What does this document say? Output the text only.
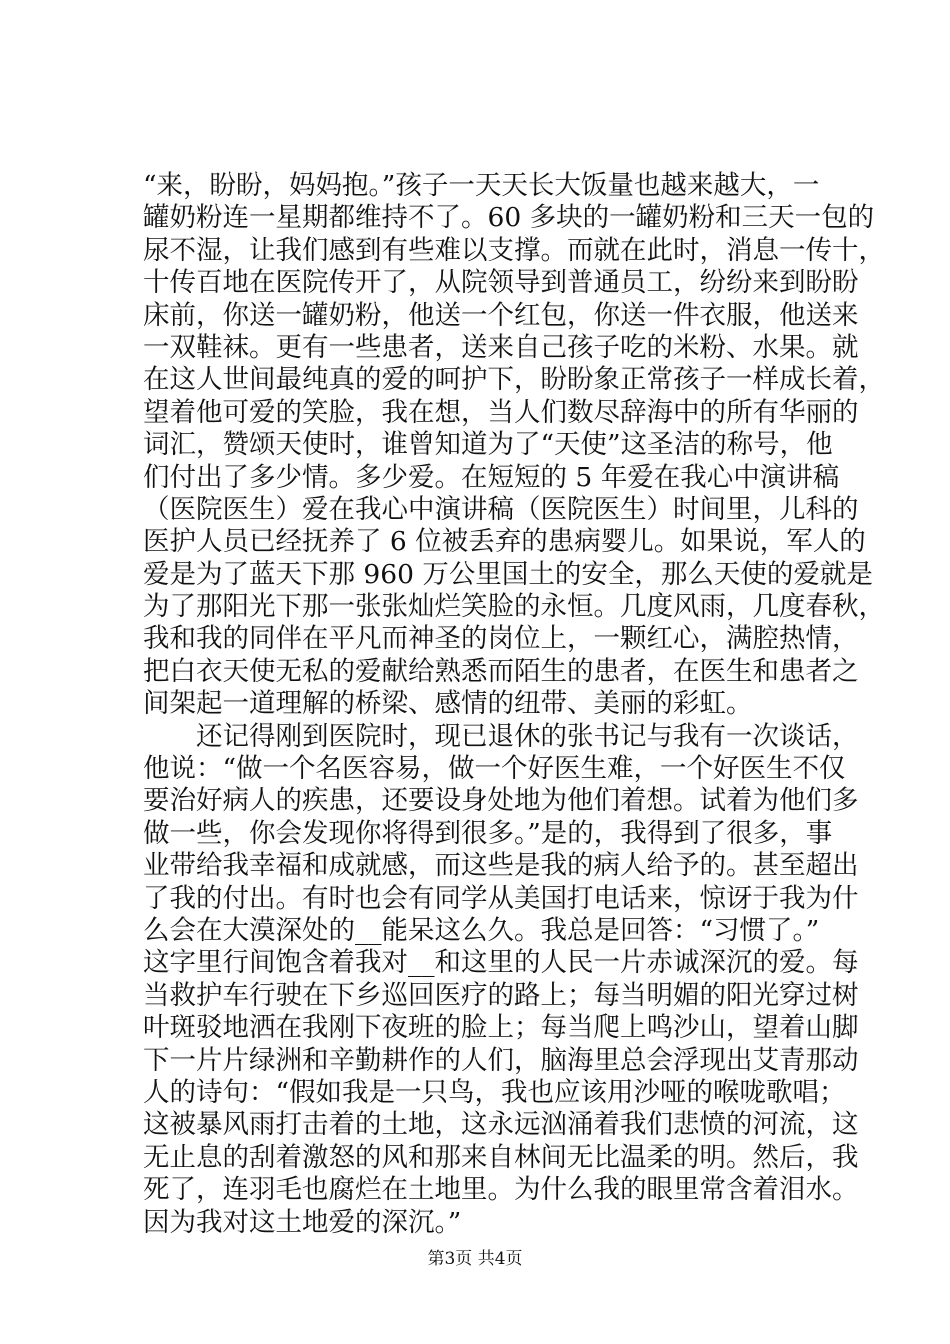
“来，盼盼，妈妈抱。”孩子一天天长大饭量也越来越大，一
罐奶粉连一星期都维持不了。60 多块的一罐奶粉和三天一包的
尿不湿，让我们感到有些难以支撑。而就在此时，消息一传十，
十传百地在医院传开了，从院领导到普通员工，纷纷来到盼盼
床前，你送一罐奶粉，他送一个红包，你送一件衣服，他送来
一双鞋袜。更有一些患者，送来自己孩子吃的米粉、水果。就
在这人世间最纯真的爱的呵护下，盼盼象正常孩子一样成长着，
望着他可爱的笑脸，我在想，当人们数尽辞海中的所有华丽的
词汇，赞颂天使时，谁曾知道为了“天使”这圣洁的称号，他
们付出了多少情。多少爱。在短短的 5 年爱在我心中演讲稿
（医院医生）爱在我心中演讲稿（医院医生）时间里，儿科的
医护人员已经抚养了 6 位被丢弃的患病婴儿。如果说，军人的
爱是为了蓝天下那 960 万公里国土的安全，那么天使的爱就是
为了那阳光下那一张张灿烂笑脸的永恒。几度风雨，几度春秋，
我和我的同伴在平凡而神圣的岗位上，一颗红心，满腔热情，
把白衣天使无私的爱献给熟悉而陌生的患者，在医生和患者之
间架起一道理解的桥梁、感情的纽带、美丽的彩虹。
　　还记得刚到医院时，现已退休的张书记与我有一次谈话，
他说：“做一个名医容易，做一个好医生难，一个好医生不仅
要治好病人的疾患，还要设身处地为他们着想。试着为他们多
做一些，你会发现你将得到很多。”是的，我得到了很多，事
业带给我幸福和成就感，而这些是我的病人给予的。甚至超出
了我的付出。有时也会有同学从美国打电话来，惊讶于我为什
么会在大漠深处的__能呆这么久。我总是回答：“习惯了。”
这字里行间饱含着我对__和这里的人民一片赤诚深沉的爱。每
当救护车行驶在下乡巡回医疗的路上；每当明媚的阳光穿过树
叶斑驳地洒在我刚下夜班的脸上；每当爬上鸣沙山，望着山脚
下一片片绿洲和辛勤耕作的人们，脑海里总会浮现出艾青那动
人的诗句：“假如我是一只鸟，我也应该用沙哑的喉咙歌唱；
这被暴风雨打击着的土地，这永远汹涌着我们悲愤的河流，这
无止息的刮着激怒的风和那来自林间无比温柔的明。然后，我
死了，连羽毛也腐烂在土地里。为什么我的眼里常含着泪水。
因为我对这土地爱的深沉。”
第3页 共4页
